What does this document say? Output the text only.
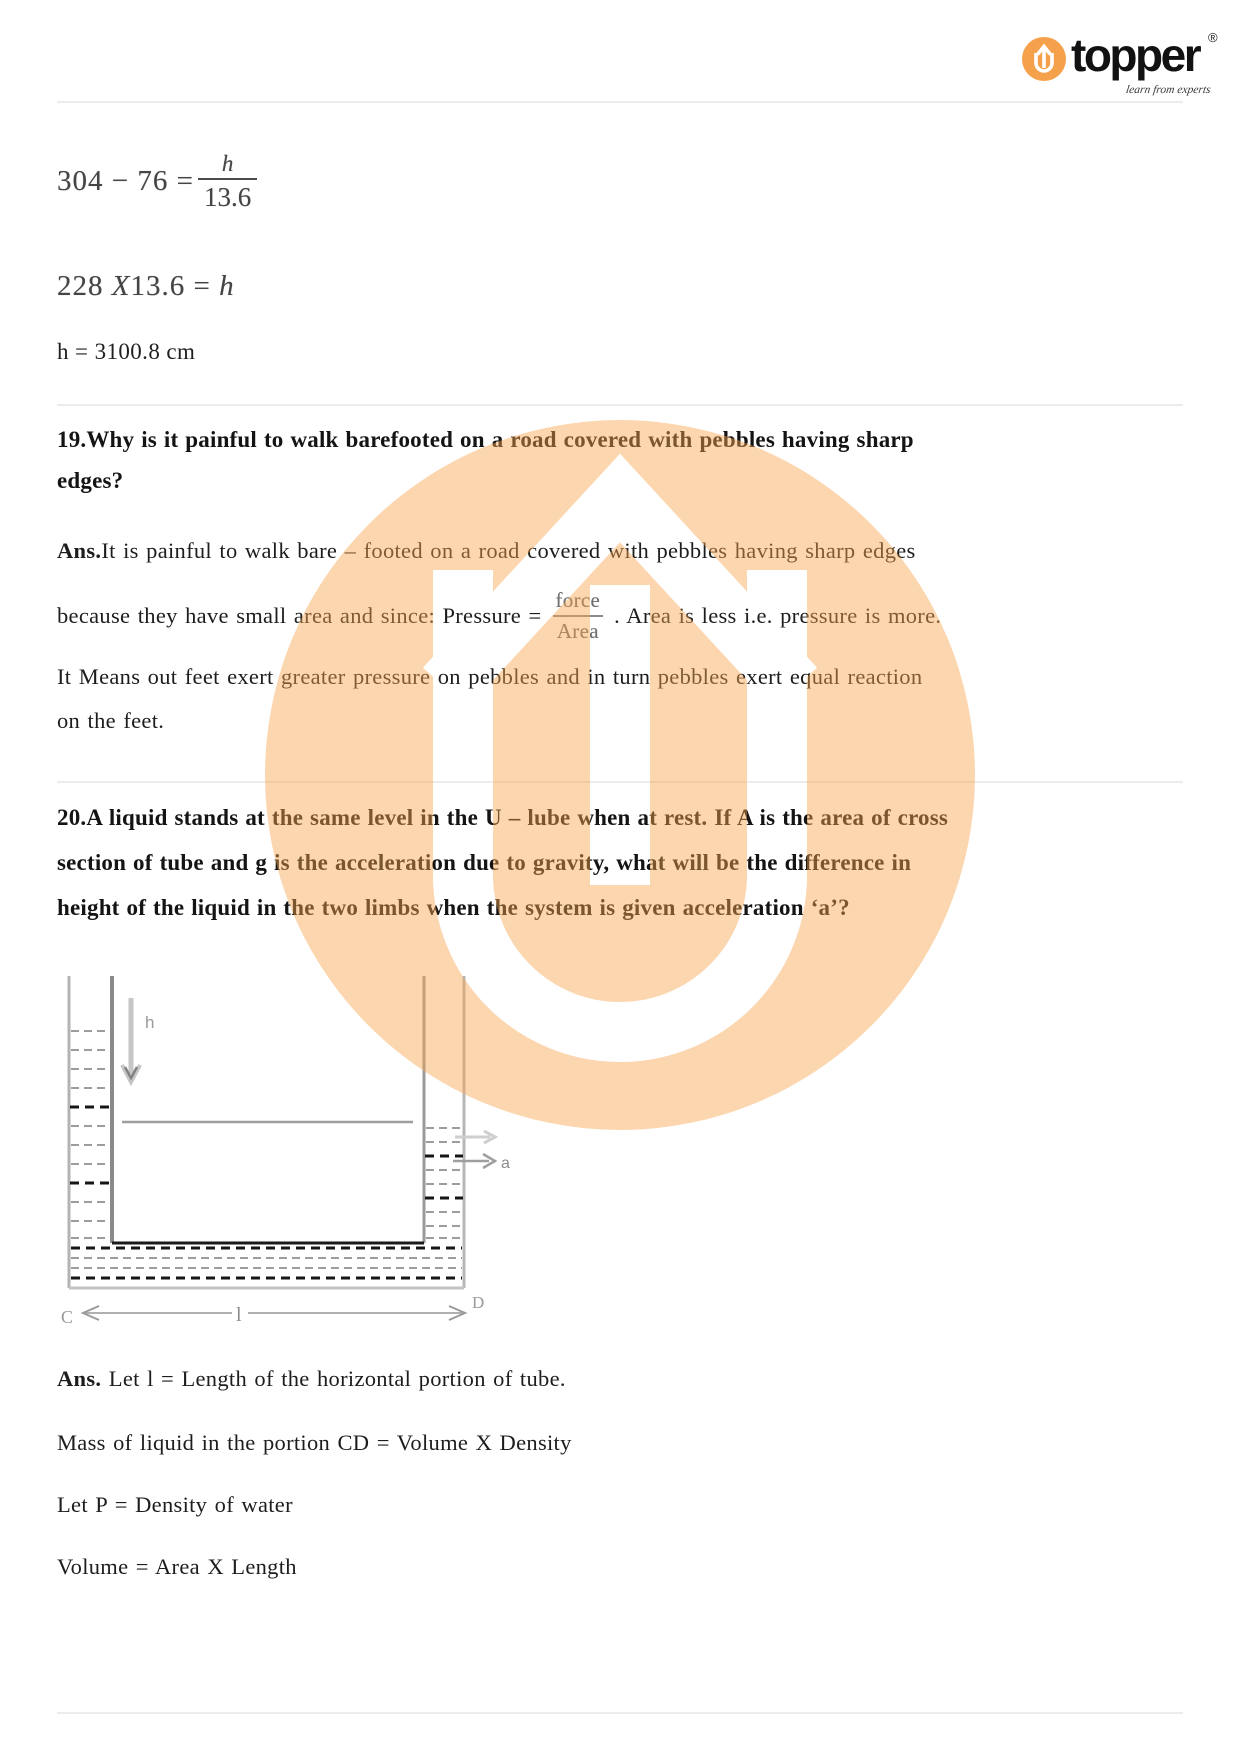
topper ®
learn from experts
$304 - 76 = \frac{h}{13.6}$
228 X13.6 = h
h = 3100.8 cm
19.Why is it painful to walk barefooted on a road covered with pebbles having sharp
edges?
Ans.It is painful to walk bare – footed on a road covered with pebbles having sharp edges
because they have small area and since: Pressure = $\frac{\text{force}}{\text{Area}}$ . Area is less i.e. pressure is more.
It Means out feet exert greater pressure on pebbles and in turn pebbles exert equal reaction
on the feet.
20.A liquid stands at the same level in the U – lube when at rest. If A is the area of cross
section of tube and g is the acceleration due to gravity, what will be the difference in
height of the liquid in the two limbs when the system is given acceleration ‘a’?
h
a
C	l
D
Ans. Let l = Length of the horizontal portion of tube.
Mass of liquid in the portion CD = Volume X Density
Let P = Density of water
Volume = Area X Length
